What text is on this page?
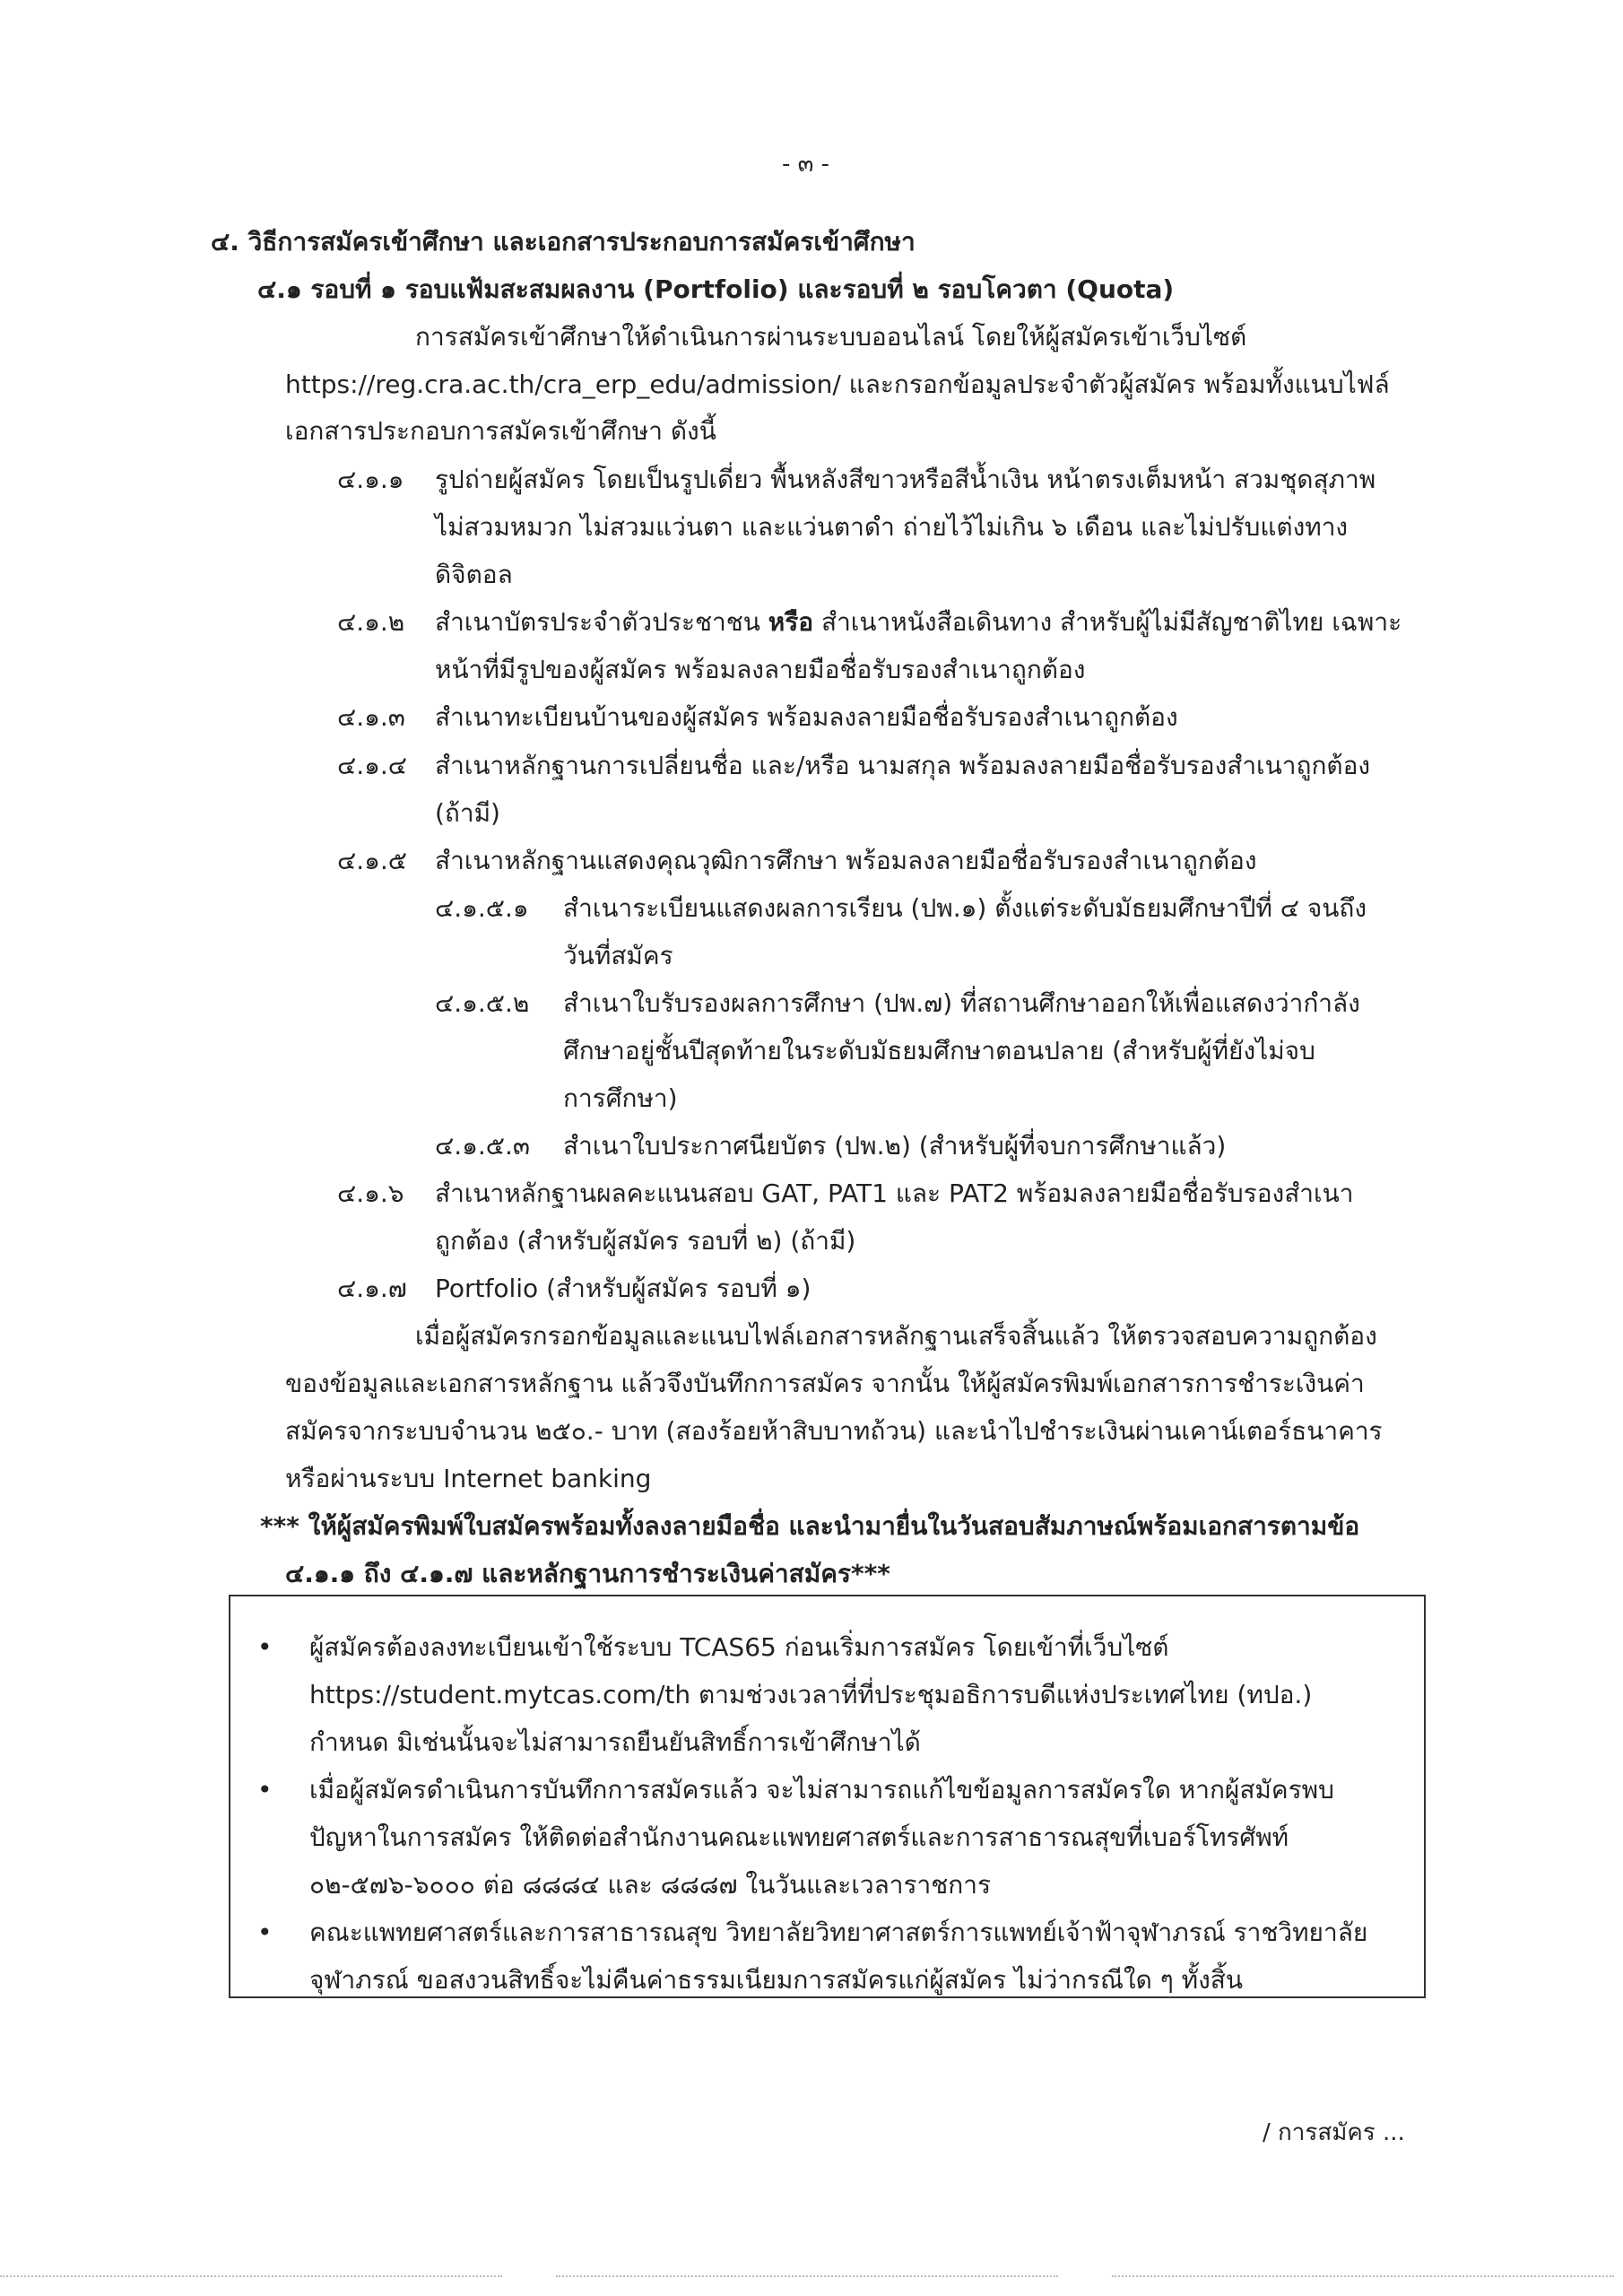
- ๓ -
๔. วิธีการสมัครเข้าศึกษา และเอกสารประกอบการสมัครเข้าศึกษา
๔.๑ รอบที่ ๑ รอบแฟ้มสะสมผลงาน (Portfolio) และรอบที่ ๒ รอบโควตา (Quota)
การสมัครเข้าศึกษาให้ดำเนินการผ่านระบบออนไลน์ โดยให้ผู้สมัครเข้าเว็บไซต์
https://reg.cra.ac.th/cra_erp_edu/admission/ และกรอกข้อมูลประจำตัวผู้สมัคร พร้อมทั้งแนบไฟล์
เอกสารประกอบการสมัครเข้าศึกษา ดังนี้
๔.๑.๑ รูปถ่ายผู้สมัคร โดยเป็นรูปเดี่ยว พื้นหลังสีขาวหรือสีน้ำเงิน หน้าตรงเต็มหน้า สวมชุดสุภาพ
ไม่สวมหมวก ไม่สวมแว่นตา และแว่นตาดำ ถ่ายไว้ไม่เกิน ๖ เดือน และไม่ปรับแต่งทาง
ดิจิตอล
๔.๑.๒ สำเนาบัตรประจำตัวประชาชน หรือ สำเนาหนังสือเดินทาง สำหรับผู้ไม่มีสัญชาติไทย เฉพาะ
หน้าที่มีรูปของผู้สมัคร พร้อมลงลายมือชื่อรับรองสำเนาถูกต้อง
๔.๑.๓ สำเนาทะเบียนบ้านของผู้สมัคร พร้อมลงลายมือชื่อรับรองสำเนาถูกต้อง
๔.๑.๔ สำเนาหลักฐานการเปลี่ยนชื่อ และ/หรือ นามสกุล พร้อมลงลายมือชื่อรับรองสำเนาถูกต้อง
(ถ้ามี)
๔.๑.๕ สำเนาหลักฐานแสดงคุณวุฒิการศึกษา พร้อมลงลายมือชื่อรับรองสำเนาถูกต้อง
๔.๑.๕.๑ สำเนาระเบียนแสดงผลการเรียน (ปพ.๑) ตั้งแต่ระดับมัธยมศึกษาปีที่ ๔ จนถึง
วันที่สมัคร
๔.๑.๕.๒ สำเนาใบรับรองผลการศึกษา (ปพ.๗) ที่สถานศึกษาออกให้เพื่อแสดงว่ากำลัง
ศึกษาอยู่ชั้นปีสุดท้ายในระดับมัธยมศึกษาตอนปลาย (สำหรับผู้ที่ยังไม่จบ
การศึกษา)
๔.๑.๕.๓ สำเนาใบประกาศนียบัตร (ปพ.๒) (สำหรับผู้ที่จบการศึกษาแล้ว)
๔.๑.๖ สำเนาหลักฐานผลคะแนนสอบ GAT, PAT1 และ PAT2 พร้อมลงลายมือชื่อรับรองสำเนา
ถูกต้อง (สำหรับผู้สมัคร รอบที่ ๒) (ถ้ามี)
๔.๑.๗ Portfolio (สำหรับผู้สมัคร รอบที่ ๑)
เมื่อผู้สมัครกรอกข้อมูลและแนบไฟล์เอกสารหลักฐานเสร็จสิ้นแล้ว ให้ตรวจสอบความถูกต้อง
ของข้อมูลและเอกสารหลักฐาน แล้วจึงบันทึกการสมัคร จากนั้น ให้ผู้สมัครพิมพ์เอกสารการชำระเงินค่า
สมัครจากระบบจำนวน ๒๕๐.- บาท (สองร้อยห้าสิบบาทถ้วน) และนำไปชำระเงินผ่านเคาน์เตอร์ธนาคาร
หรือผ่านระบบ Internet banking
*** ให้ผู้สมัครพิมพ์ใบสมัครพร้อมทั้งลงลายมือชื่อ และนำมายื่นในวันสอบสัมภาษณ์พร้อมเอกสารตามข้อ
๔.๑.๑ ถึง ๔.๑.๗ และหลักฐานการชำระเงินค่าสมัคร***
• ผู้สมัครต้องลงทะเบียนเข้าใช้ระบบ TCAS65 ก่อนเริ่มการสมัคร โดยเข้าที่เว็บไซต์
https://student.mytcas.com/th ตามช่วงเวลาที่ที่ประชุมอธิการบดีแห่งประเทศไทย (ทปอ.)
กำหนด มิเช่นนั้นจะไม่สามารถยืนยันสิทธิ์การเข้าศึกษาได้
• เมื่อผู้สมัครดำเนินการบันทึกการสมัครแล้ว จะไม่สามารถแก้ไขข้อมูลการสมัครใด หากผู้สมัครพบ
ปัญหาในการสมัคร ให้ติดต่อสำนักงานคณะแพทยศาสตร์และการสาธารณสุขที่เบอร์โทรศัพท์
๐๒-๕๗๖-๖๐๐๐ ต่อ ๘๘๘๔ และ ๘๘๘๗ ในวันและเวลาราชการ
• คณะแพทยศาสตร์และการสาธารณสุข วิทยาลัยวิทยาศาสตร์การแพทย์เจ้าฟ้าจุฬาภรณ์ ราชวิทยาลัย
จุฬาภรณ์ ขอสงวนสิทธิ์จะไม่คืนค่าธรรมเนียมการสมัครแก่ผู้สมัคร ไม่ว่ากรณีใด ๆ ทั้งสิ้น
/ การสมัคร ...
